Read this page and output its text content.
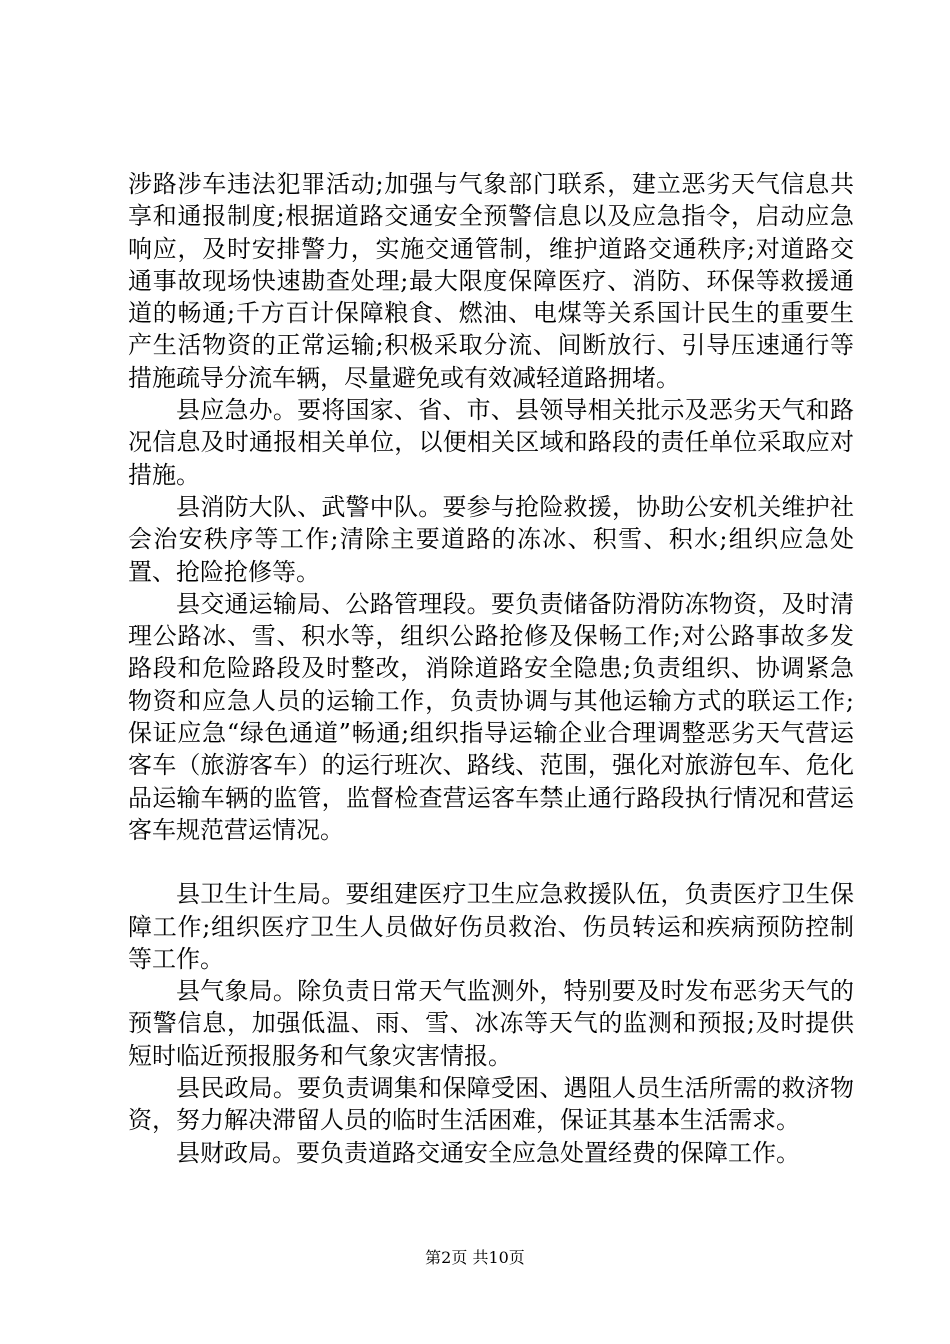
涉路涉车违法犯罪活动;加强与气象部门联系，建立恶劣天气信息共享和通报制度;根据道路交通安全预警信息以及应急指令，启动应急响应，及时安排警力，实施交通管制，维护道路交通秩序;对道路交通事故现场快速勘查处理;最大限度保障医疗、消防、环保等救援通道的畅通;千方百计保障粮食、燃油、电煤等关系国计民生的重要生产生活物资的正常运输;积极采取分流、间断放行、引导压速通行等措施疏导分流车辆，尽量避免或有效减轻道路拥堵。

县应急办。要将国家、省、市、县领导相关批示及恶劣天气和路况信息及时通报相关单位，以便相关区域和路段的责任单位采取应对措施。

县消防大队、武警中队。要参与抢险救援，协助公安机关维护社会治安秩序等工作;清除主要道路的冻冰、积雪、积水;组织应急处置、抢险抢修等。

县交通运输局、公路管理段。要负责储备防滑防冻物资，及时清理公路冰、雪、积水等，组织公路抢修及保畅工作;对公路事故多发路段和危险路段及时整改，消除道路安全隐患;负责组织、协调紧急物资和应急人员的运输工作，负责协调与其他运输方式的联运工作;保证应急“绿色通道”畅通;组织指导运输企业合理调整恶劣天气营运客车（旅游客车）的运行班次、路线、范围，强化对旅游包车、危化品运输车辆的监管，监督检查营运客车禁止通行路段执行情况和营运客车规范营运情况。

县卫生计生局。要组建医疗卫生应急救援队伍，负责医疗卫生保障工作;组织医疗卫生人员做好伤员救治、伤员转运和疾病预防控制等工作。

县气象局。除负责日常天气监测外，特别要及时发布恶劣天气的预警信息，加强低温、雨、雪、冰冻等天气的监测和预报;及时提供短时临近预报服务和气象灾害情报。

县民政局。要负责调集和保障受困、遇阻人员生活所需的救济物资，努力解决滞留人员的临时生活困难，保证其基本生活需求。

县财政局。要负责道路交通安全应急处置经费的保障工作。

第2页 共10页
